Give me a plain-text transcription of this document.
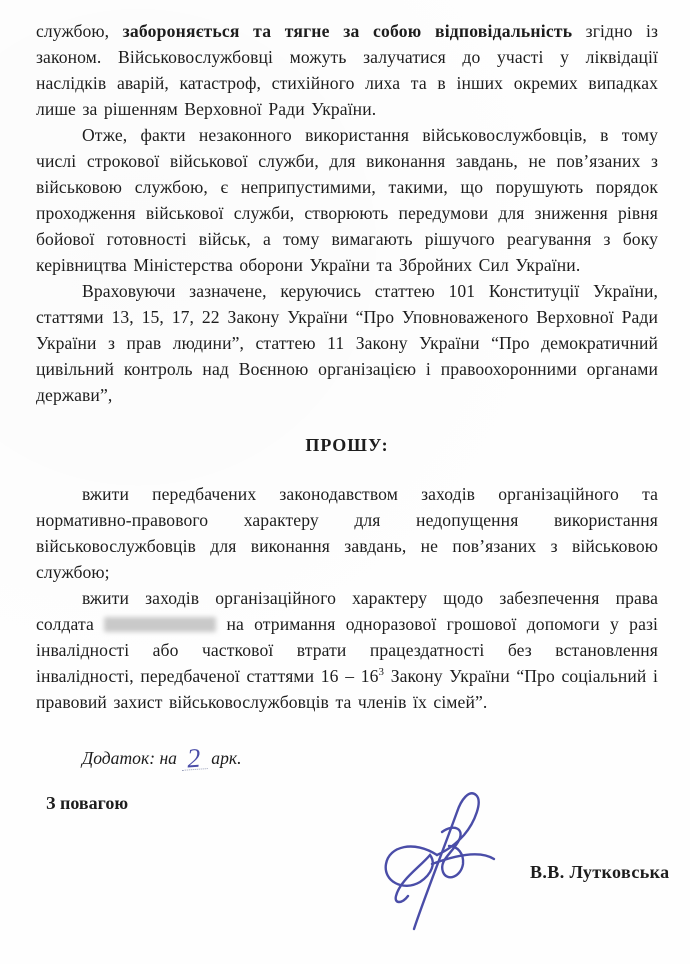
службою, забороняється та тягне за собою відповідальність згідно із законом. Військовослужбовці можуть залучатися до участі у ліквідації наслідків аварій, катастроф, стихійного лиха та в інших окремих випадках лише за рішенням Верховної Ради України.

Отже, факти незаконного використання військовослужбовців, в тому числі строкової військової служби, для виконання завдань, не пов’язаних з військовою службою, є неприпустимими, такими, що порушують порядок проходження військової служби, створюють передумови для зниження рівня бойової готовності військ, а тому вимагають рішучого реагування з боку керівництва Міністерства оборони України та Збройних Сил України.

Враховуючи зазначене, керуючись статтею 101 Конституції України, статтями 13, 15, 17, 22 Закону України “Про Уповноваженого Верховної Ради України з прав людини”, статтею 11 Закону України “Про демократичний цивільний контроль над Воєнною організацією і правоохоронними органами держави”,

ПРОШУ:

вжити передбачених законодавством заходів організаційного та нормативно-правового характеру для недопущення використання військовослужбовців для виконання завдань, не пов’язаних з військовою службою;

вжити заходів організаційного характеру щодо забезпечення права солдата	на отримання одноразової грошової допомоги у разі інвалідності або часткової втрати працездатності без встановлення інвалідності, передбаченої статтями $16 - 16^3$ Закону України “Про соціальний і правовий захист військовослужбовців та членів їх сімей”.

Додаток: на 2 арк.

З повагою

В.В. Лутковська
